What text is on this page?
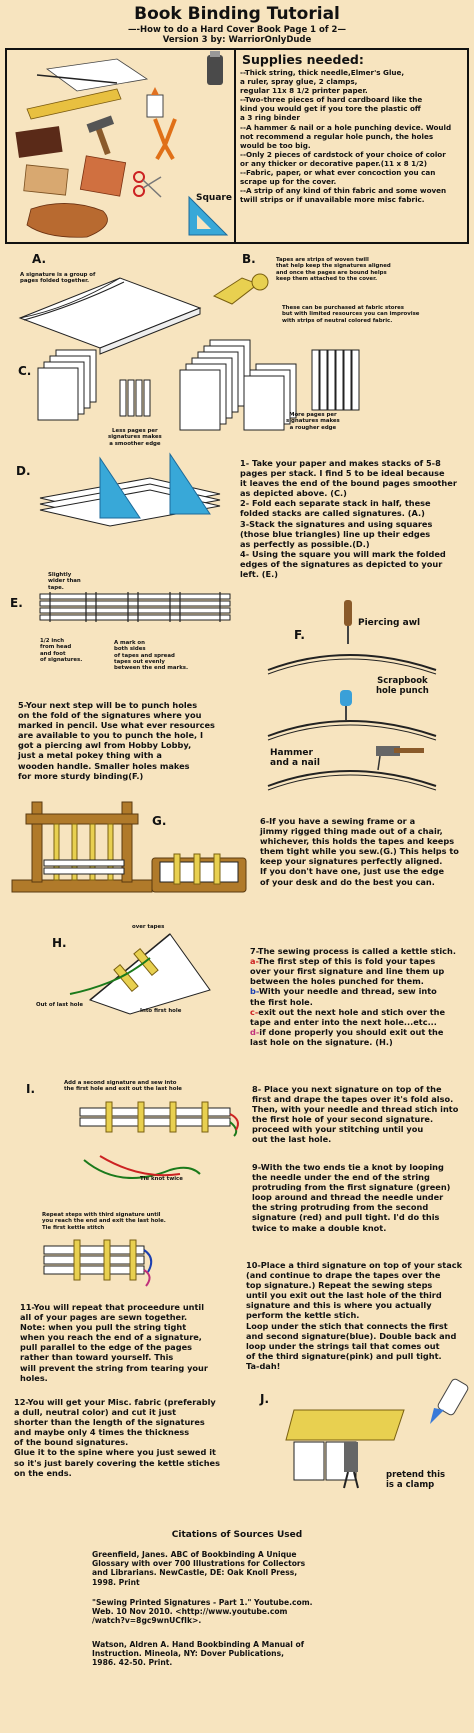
Book Binding Tutorial
—-How to do a Hard Cover Book Page 1 of 2—
Version 3 by: WarriorOnlyDude
Supplies needed:
--Thick string, thick needle,Elmer's Glue,
a ruler, spray glue, 2 clamps,
regular 11x 8 1/2 printer paper.
--Two-three pieces of hard cardboard like the
kind you would get if you tore the plastic off
a 3 ring binder
--A hammer & nail or a hole punching device. Would
not recommend a regular hole punch, the holes
would be too big.
--Only 2 pieces of cardstock of your choice of color
or any thicker or decorative paper.(11 x 8 1/2)
--Fabric, paper, or what ever concoction you can
scrape up for the cover.
--A strip of any kind of thin fabric and some woven
twill strips or if unavailable more misc fabric.
Square
A.
A signature is a group of
pages folded together.
B.	Tapes are strips of woven twill
that help keep the signatures aligned
and once the pages are bound helps
keep them attached to the cover.
These can be purchased at fabric stores
but with limited resources you can improvise
with strips of neutral colored fabric.
C.
Less pages per
signatures makes
a smoother edge
More pages per
signatures makes
a rougher edge
D.
1- Take your paper and makes stacks of 5-8
pages per stack. I find 5 to be ideal because
it leaves the end of the bound pages smoother
as depicted above. (C.)
2- Fold each separate stack in half, these
folded stacks are called signatures. (A.)
3-Stack the signatures and using squares
(those blue triangles) line up their edges
as perfectly as possible.(D.)
4- Using the square you will mark the folded
edges of the signatures as depicted to your
left. (E.)
E.
Slightly
wider than
tape.
1/2 inch
from head
and foot
of signatures.
A mark on
both sides
of tapes and spread
tapes out evenly
between the end marks.
F.
Piercing awl
Scrapbook
hole punch
Hammer
and a nail
5-Your next step will be to punch holes
on the fold of the signatures where you
marked in pencil. Use what ever resources
are available to you to punch the hole, I
got a piercing awl from Hobby Lobby,
just a metal pokey thing with a
wooden handle. Smaller holes makes
for more sturdy binding(F.)
G.	6-If you have a sewing frame or a
jimmy rigged thing made out of a chair,
whichever, this holds the tapes and keeps
them tight while you sew.(G.) This helps to
keep your signatures perfectly aligned.
If you don't have one, just use the edge
of your desk and do the best you can.
H.
over tapes
Out of last hole
Into first hole

7-The sewing process is called a kettle stich.

a-The first step of this is fold your tapes
over your first signature and line them up
between the holes punched for them.

b-With your needle and thread, sew into
the first hole.

c-exit out the next hole and stich over the
tape and enter into the next hole...etc...

d-if done properly you should exit out the
last hole on the signature. (H.)

I.	Add a second signature and sew into
the first hole and exit out the last hole
Tie knot twice
Repeat steps with third signature until
you reach the end and exit the last hole.
Tie first kettle stitch
8- Place you next signature on top of the
first and drape the tapes over it's fold also.
Then, with your needle and thread stich into
the first hole of your second signature.
proceed with your stitching until you
out the last hole.
9-With the two ends tie a knot by looping
the needle under the end of the string
protruding from the first signature (green)
loop around and thread the needle under
the string protruding from the second
signature (red) and pull tight. I'd do this
twice to make a double knot.
10-Place a third signature on top of your stack
(and continue to drape the tapes over the
top signature.) Repeat the sewing steps
until you exit out the last hole of the third
signature and this is where you actually
perform the kettle stich.
Loop under the stich that connects the first
and second signature(blue). Double back and
loop under the strings tail that comes out
of the third signature(pink) and pull tight.
Ta-dah!
11-You will repeat that proceedure until
all of your pages are sewn together.
Note: when you pull the string tight
when you reach the end of a signature,
pull parallel to the edge of the pages
rather than toward yourself. This
will prevent the string from tearing your
holes.
12-You will get your Misc. fabric (preferably
a dull, neutral color) and cut it just
shorter than the length of the signatures
and maybe only 4 times the thickness
of the bound signatures.
Glue it to the spine where you just sewed it
so it's just barely covering the kettle stiches
on the ends.
J.
pretend this
is a clamp
Citations of Sources Used
Greenfield, Janes. ABC of Bookbinding A Unique
Glossary with over 700 Illustrations for Collectors
and Librarians. NewCastle, DE: Oak Knoll Press,
1998. Print
"Sewing Printed Signatures - Part 1." Youtube.com.
Web. 10 Nov 2010. <http://www.youtube.com
/watch?v=8gc9wnUCfIk>.
Watson, Aldren A. Hand Bookbinding A Manual of
Instruction. Mineola, NY: Dover Publications,
1986. 42-50. Print.
